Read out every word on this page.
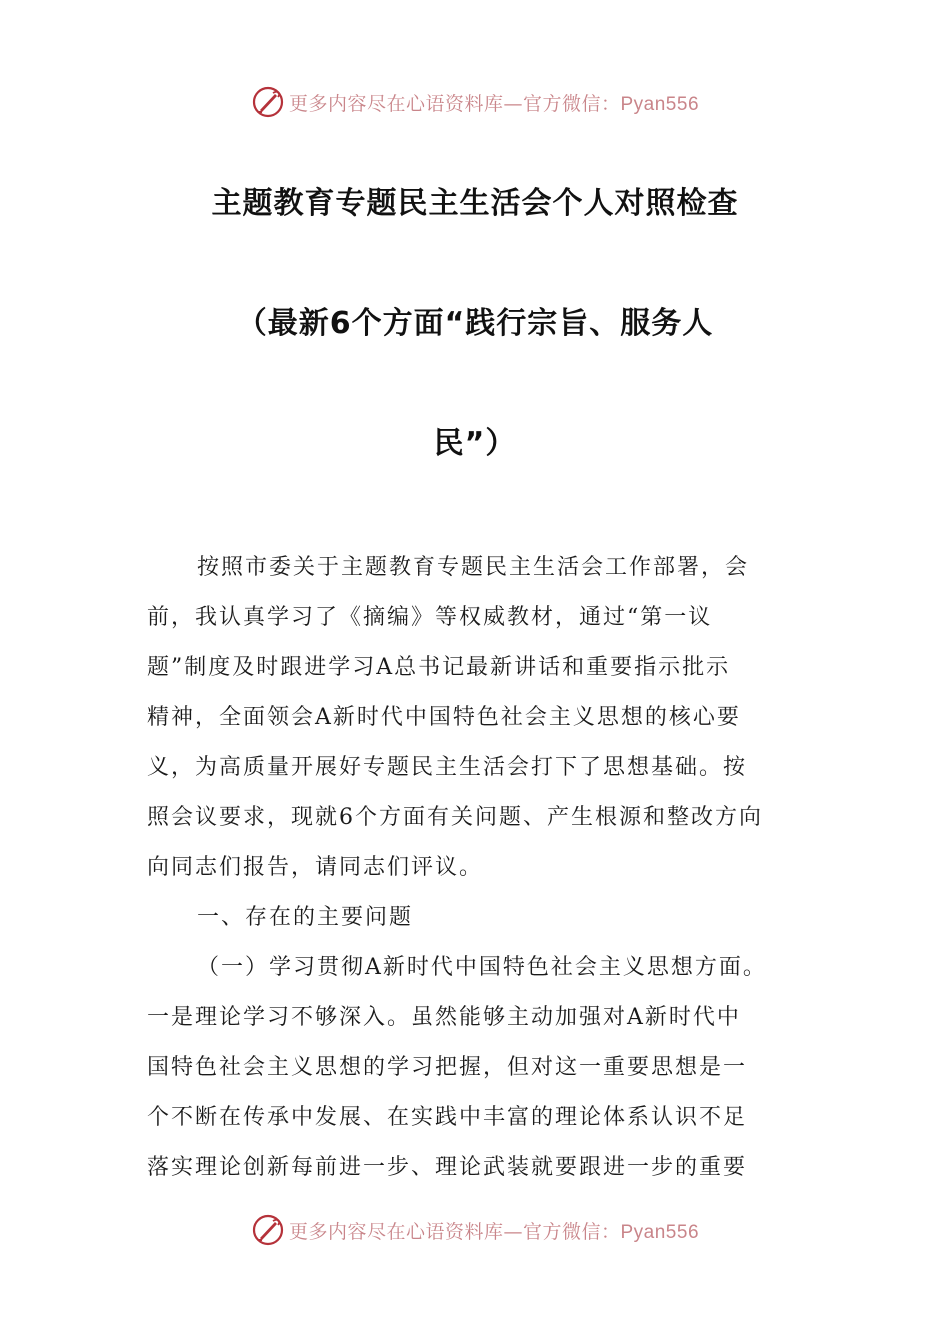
更多内容尽在心语资料库—官方微信：Pyan556
主题教育专题民主生活会个人对照检查
（最新6个方面“践行宗旨、服务人
民”）
按照市委关于主题教育专题民主生活会工作部署，会
前，我认真学习了《摘编》等权威教材，通过“第一议
题”制度及时跟进学习A总书记最新讲话和重要指示批示
精神，全面领会A新时代中国特色社会主义思想的核心要
义，为高质量开展好专题民主生活会打下了思想基础。按
照会议要求，现就6个方面有关问题、产生根源和整改方向
向同志们报告，请同志们评议。
一、存在的主要问题
（一）学习贯彻A新时代中国特色社会主义思想方面。
一是理论学习不够深入。虽然能够主动加强对A新时代中
国特色社会主义思想的学习把握，但对这一重要思想是一
个不断在传承中发展、在实践中丰富的理论体系认识不足
落实理论创新每前进一步、理论武装就要跟进一步的重要
更多内容尽在心语资料库—官方微信：Pyan556
